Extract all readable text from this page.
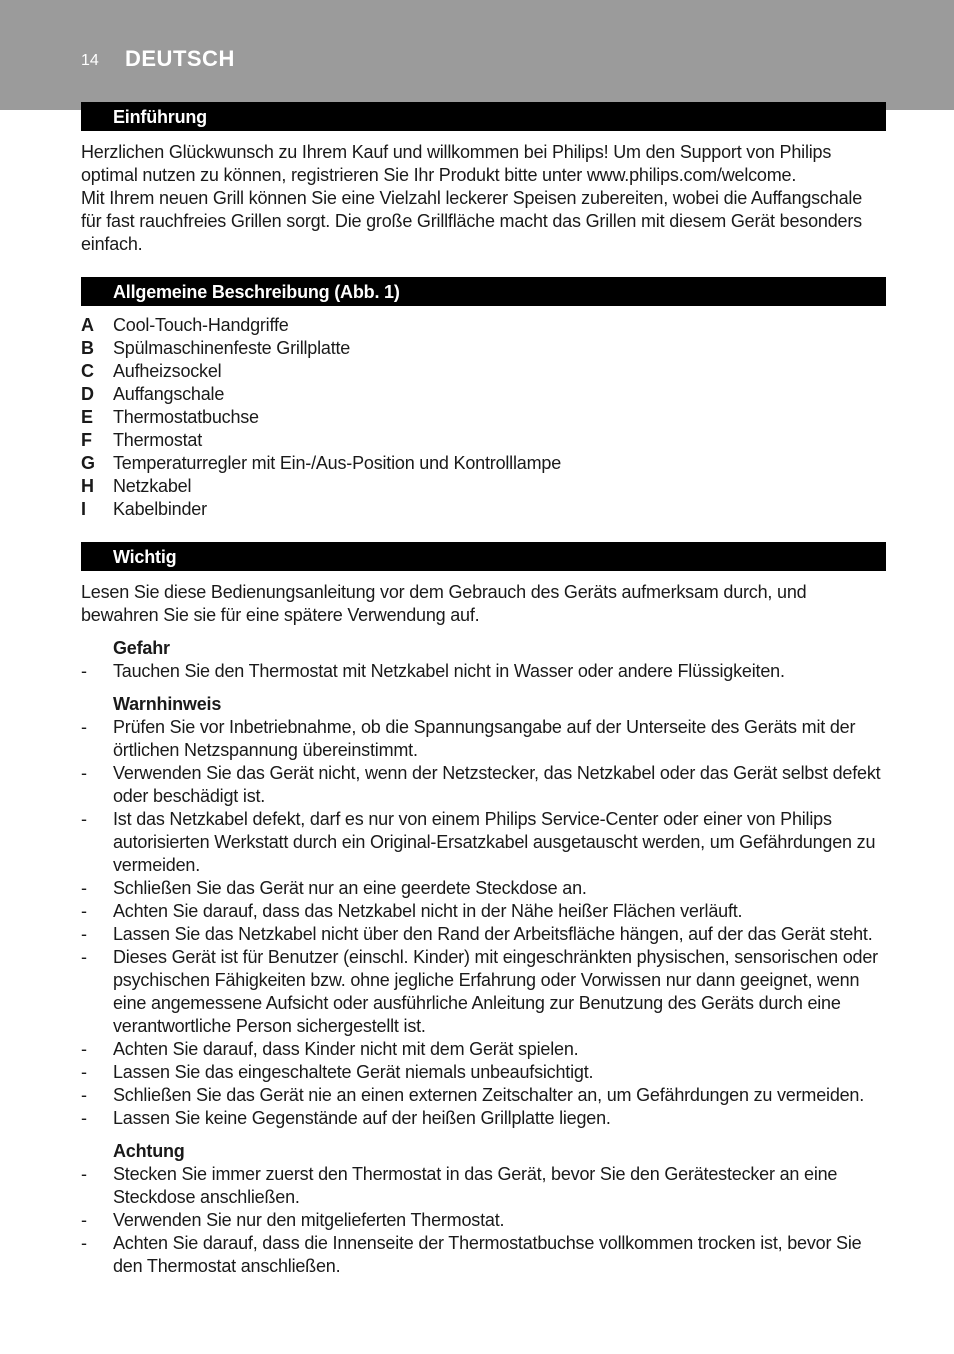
14 DEUTSCH
Einführung

Herzlichen Glückwunsch zu Ihrem Kauf und willkommen bei Philips! Um den Support von Philips optimal nutzen zu können, registrieren Sie Ihr Produkt bitte unter www.philips.com/welcome.

Mit Ihrem neuen Grill können Sie eine Vielzahl leckerer Speisen zubereiten, wobei die Auffangschale für fast rauchfreies Grillen sorgt. Die große Grillfläche macht das Grillen mit diesem Gerät besonders einfach.

Allgemeine Beschreibung (Abb. 1)
A	Cool-Touch-Handgriffe
B	Spülmaschinenfeste Grillplatte
C	Aufheizsockel
D	Auffangschale
E	Thermostatbuchse
F	Thermostat
G	Temperaturregler mit Ein-/Aus-Position und Kontrolllampe
H	Netzkabel
I	Kabelbinder
Wichtig

Lesen Sie diese Bedienungsanleitung vor dem Gebrauch des Geräts aufmerksam durch, und bewahren Sie sie für eine spätere Verwendung auf.

Gefahr
-	Tauchen Sie den Thermostat mit Netzkabel nicht in Wasser oder andere Flüssigkeiten.
Warnhinweis
-	Prüfen Sie vor Inbetriebnahme, ob die Spannungsangabe auf der Unterseite des Geräts mit der örtlichen Netzspannung übereinstimmt.
-	Verwenden Sie das Gerät nicht, wenn der Netzstecker, das Netzkabel oder das Gerät selbst defekt oder beschädigt ist.
-	Ist das Netzkabel defekt, darf es nur von einem Philips Service-Center oder einer von Philips autorisierten Werkstatt durch ein Original-Ersatzkabel ausgetauscht werden, um Gefährdungen zu vermeiden.
-	Schließen Sie das Gerät nur an eine geerdete Steckdose an.
-	Achten Sie darauf, dass das Netzkabel nicht in der Nähe heißer Flächen verläuft.
-	Lassen Sie das Netzkabel nicht über den Rand der Arbeitsfläche hängen, auf der das Gerät steht.
-	Dieses Gerät ist für Benutzer (einschl. Kinder) mit eingeschränkten physischen, sensorischen oder psychischen Fähigkeiten bzw. ohne jegliche Erfahrung oder Vorwissen nur dann geeignet, wenn eine angemessene Aufsicht oder ausführliche Anleitung zur Benutzung des Geräts durch eine verantwortliche Person sichergestellt ist.
-	Achten Sie darauf, dass Kinder nicht mit dem Gerät spielen.
-	Lassen Sie das eingeschaltete Gerät niemals unbeaufsichtigt.
-	Schließen Sie das Gerät nie an einen externen Zeitschalter an, um Gefährdungen zu vermeiden.
-	Lassen Sie keine Gegenstände auf der heißen Grillplatte liegen.
Achtung
-	Stecken Sie immer zuerst den Thermostat in das Gerät, bevor Sie den Gerätestecker an eine Steckdose anschließen.
-	Verwenden Sie nur den mitgelieferten Thermostat.
-	Achten Sie darauf, dass die Innenseite der Thermostatbuchse vollkommen trocken ist, bevor Sie den Thermostat anschließen.
